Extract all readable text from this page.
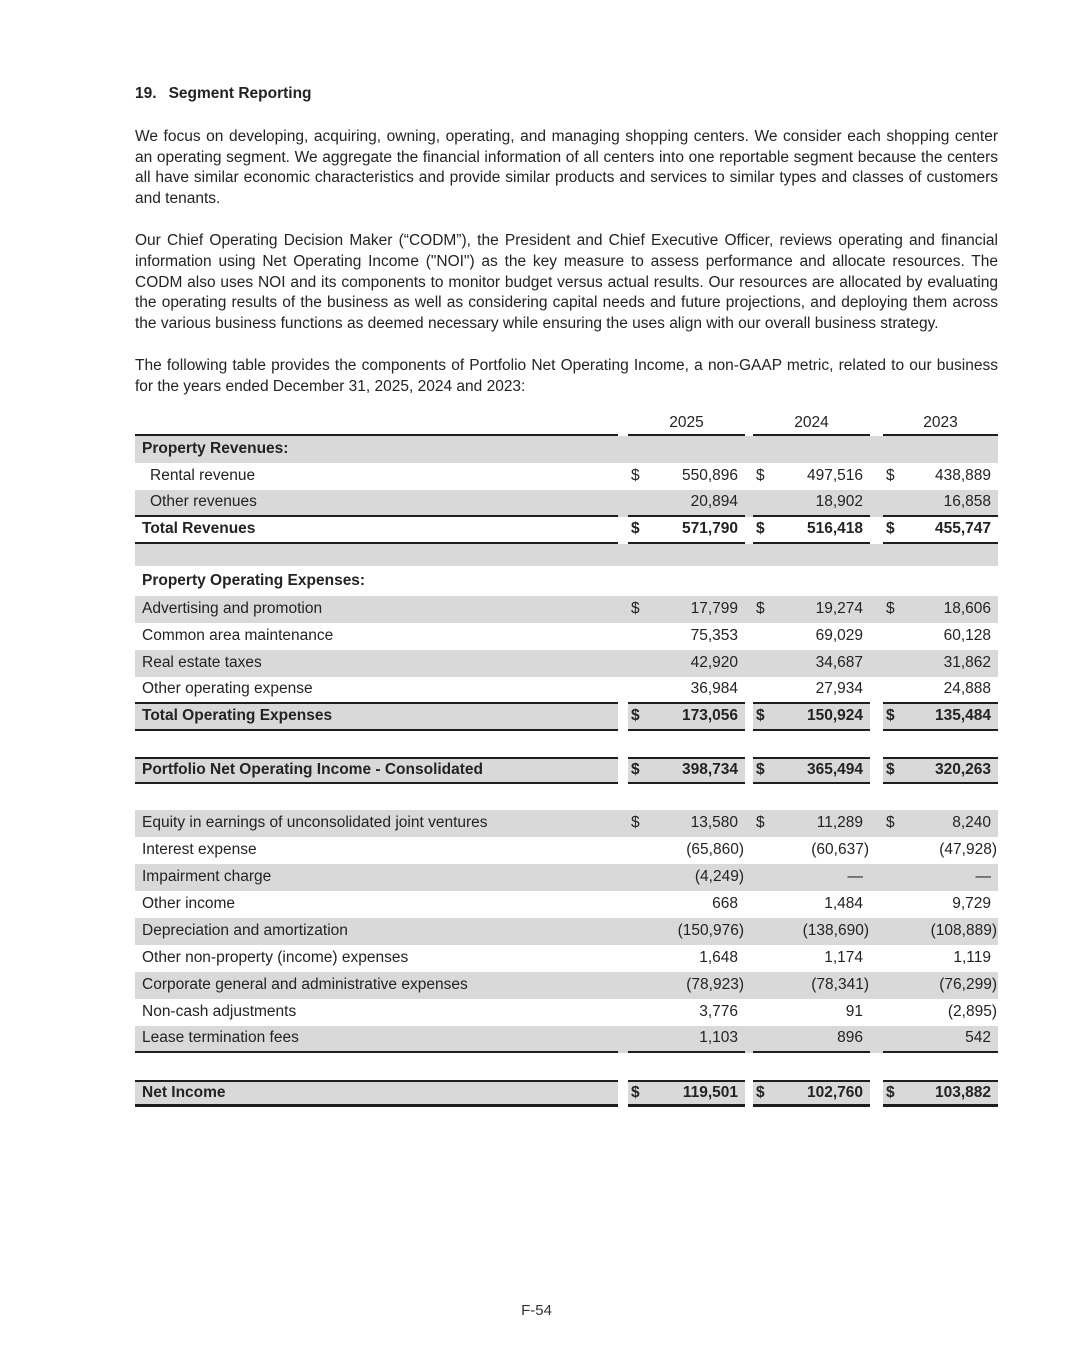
19. Segment Reporting

We focus on developing, acquiring, owning, operating, and managing shopping centers. We consider each shopping center an operating segment. We aggregate the financial information of all centers into one reportable segment because the centers all have similar economic characteristics and provide similar products and services to similar types and classes of customers and tenants.

Our Chief Operating Decision Maker (“CODM”), the President and Chief Executive Officer, reviews operating and financial information using Net Operating Income ("NOI") as the key measure to assess performance and allocate resources. The CODM also uses NOI and its components to monitor budget versus actual results. Our resources are allocated by evaluating the operating results of the business as well as considering capital needs and future projections, and deploying them across the various business functions as deemed necessary while ensuring the uses align with our overall business strategy.

The following table provides the components of Portfolio Net Operating Income, a non-GAAP metric, related to our business for the years ended December 31, 2025, 2024 and 2023:

2025	2024	2023
Property Revenues:
Rental revenue	$	550,896	$	497,516	$	438,889
Other revenues	20,894	18,902	16,858
Total Revenues	$	571,790	$	516,418	$	455,747
Property Operating Expenses:
Advertising and promotion	$	17,799	$	19,274	$	18,606
Common area maintenance	75,353	69,029	60,128
Real estate taxes	42,920	34,687	31,862
Other operating expense	36,984	27,934	24,888
Total Operating Expenses	$	173,056	$	150,924	$	135,484
Portfolio Net Operating Income - Consolidated	$	398,734	$	365,494	$	320,263
Equity in earnings of unconsolidated joint ventures	$	13,580	$	11,289	$	8,240
Interest expense	(65,860)	(60,637)	(47,928)
Impairment charge	(4,249)	—	—
Other income	668	1,484	9,729
Depreciation and amortization	(150,976)	(138,690)	(108,889)
Other non-property (income) expenses	1,648	1,174	1,119
Corporate general and administrative expenses	(78,923)	(78,341)	(76,299)
Non-cash adjustments	3,776	91	(2,895)
Lease termination fees	1,103	896	542
Net Income	$	119,501	$	102,760	$	103,882
F-54
